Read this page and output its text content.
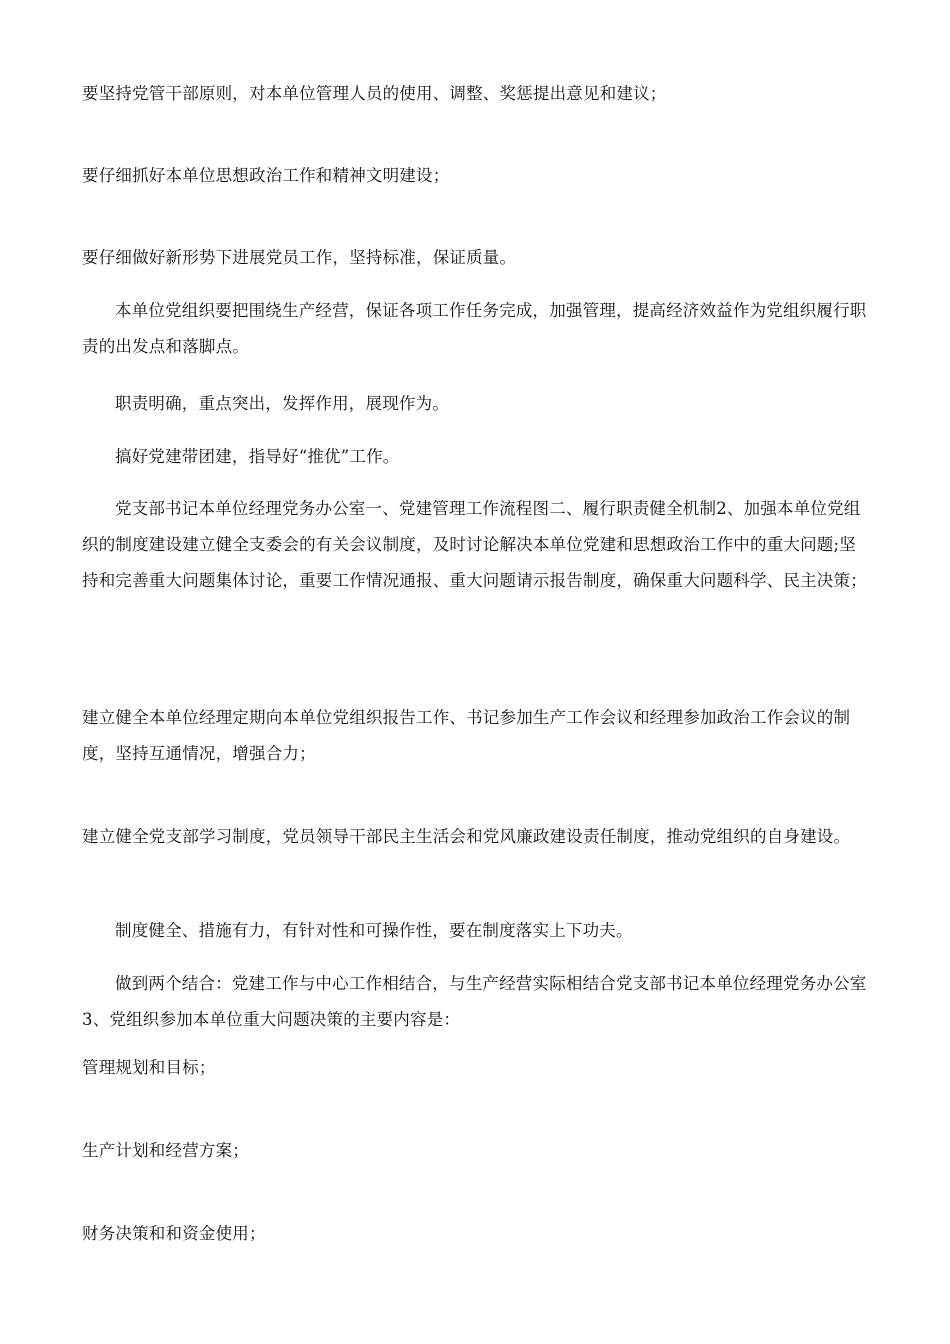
要坚持党管干部原则，对本单位管理人员的使用、调整、奖惩提出意见和建议；

要仔细抓好本单位思想政治工作和精神文明建设；

要仔细做好新形势下进展党员工作，坚持标准，保证质量。

本单位党组织要把围绕生产经营，保证各项工作任务完成，加强管理，提高经济效益作为党组织履行职责的出发点和落脚点。

职责明确，重点突出，发挥作用，展现作为。

搞好党建带团建，指导好“推优”工作。

党支部书记本单位经理党务办公室一、党建管理工作流程图二、履行职责健全机制2、加强本单位党组织的制度建设建立健全支委会的有关会议制度，及时讨论解决本单位党建和思想政治工作中的重大问题;坚持和完善重大问题集体讨论，重要工作情况通报、重大问题请示报告制度，确保重大问题科学、民主决策；

建立健全本单位经理定期向本单位党组织报告工作、书记参加生产工作会议和经理参加政治工作会议的制度，坚持互通情况，增强合力；

建立健全党支部学习制度，党员领导干部民主生活会和党风廉政建设责任制度，推动党组织的自身建设。

制度健全、措施有力，有针对性和可操作性，要在制度落实上下功夫。

做到两个结合：党建工作与中心工作相结合，与生产经营实际相结合党支部书记本单位经理党务办公室3、党组织参加本单位重大问题决策的主要内容是：

管理规划和目标；

生产计划和经营方案；

财务决策和和资金使用；
